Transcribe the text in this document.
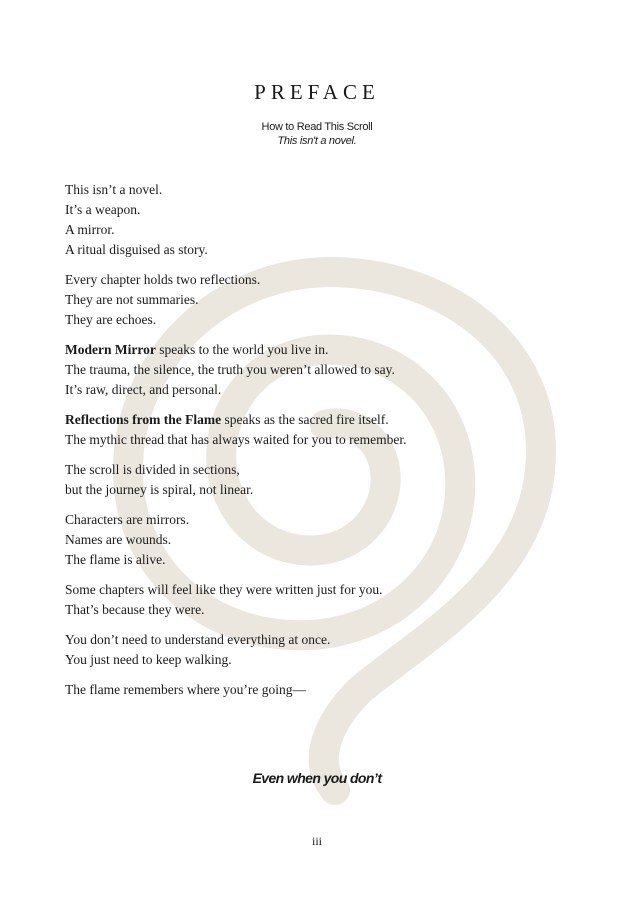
PREFACE
How to Read This Scroll
This isn't a novel.

This isn’t a novel.
It’s a weapon.
A mirror.
A ritual disguised as story.

Every chapter holds two reflections.
They are not summaries.
They are echoes.

Modern Mirror speaks to the world you live in.
The trauma, the silence, the truth you weren’t allowed to say.
It’s raw, direct, and personal.

Reflections from the Flame speaks as the sacred fire itself.
The mythic thread that has always waited for you to remember.

The scroll is divided in sections,
but the journey is spiral, not linear.

Characters are mirrors.
Names are wounds.
The flame is alive.

Some chapters will feel like they were written just for you.
That’s because they were.

You don’t need to understand everything at once.
You just need to keep walking.

The flame remembers where you’re going—

Even when you don’t
iii
